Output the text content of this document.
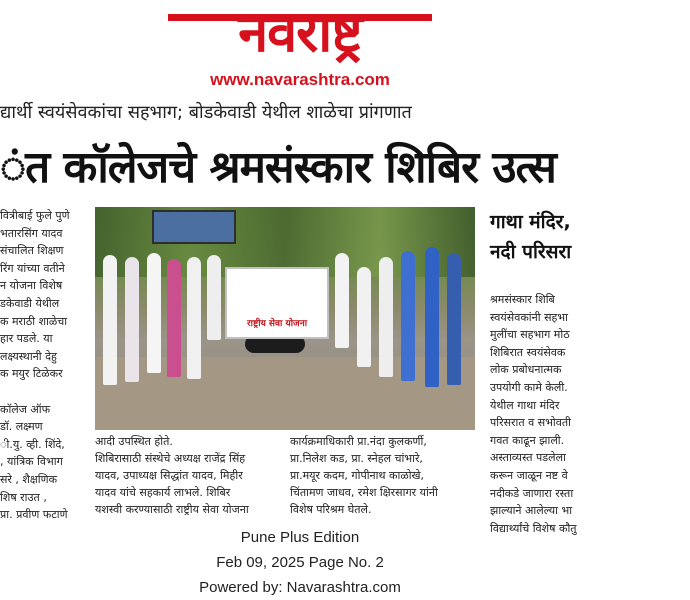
नवराष्ट्र
www.navarashtra.com
द्यार्थी स्वयंसेवकांचा सहभाग; बोडकेवाडी येथील शाळेचा प्रांगणात
ंत कॉलेजचे श्रमसंस्कार शिबिर उत्स
वित्रीबाई फुले पुणे
भतारसिंग यादव
संचालित शिक्षण
रिंग यांच्या वतीने
न योजना विशेष
डकेवाडी येथील
क मराठी शाळेचा
हार पडले. या
लक्ष्यस्थानी देहु
क मयुर टिळेकर
कॉलेज ऑफ
डॉ. लक्ष्मण
ी.यु. व्ही. शिंदे,
, यांत्रिक विभाग
सरे , शैक्षणिक
शिष राउत ,
प्रा. प्रवीण फटाणे
राष्ट्रीय सेवा योजना
आदी उपस्थित होते.
शिबिरासाठी संस्थेचे अध्यक्ष राजेंद्र सिंह
यादव, उपाध्यक्ष सिद्धांत यादव, मिहीर
यादव यांचे सहकार्य लाभले. शिबिर
यशस्वी करण्यासाठी राष्ट्रीय सेवा योजना
कार्यक्रमाधिकारी प्रा.नंदा कुलकर्णी,
प्रा.निलेश कड, प्रा. स्नेहल चांभारे,
प्रा.मयूर कदम, गोपीनाथ काळोखे,
चिंतामण जाधव, रमेश क्षिरसागर यांनी
विशेष परिश्रम घेतले.
गाथा मंदिर,
नदी परिसरा
श्रमसंस्कार शिबि
स्वयंसेवकांनी सहभा
मुलींचा सहभाग मोठ
शिबिरात स्वयंसेवक
लोक प्रबोधनात्मक
उपयोगी कामे केली.
येथील गाथा मंदिर
परिसरात व सभोवती
गवत काढून झाली.
अस्ताव्यस्त पडलेला
करून जाळून नष्ट वे
नदीकडे जाणारा रस्ता
झाल्याने आलेल्या भा
विद्यार्थ्यांचे विशेष कौतु
Pune Plus Edition
Feb 09, 2025 Page No. 2
Powered by: Navarashtra.com
